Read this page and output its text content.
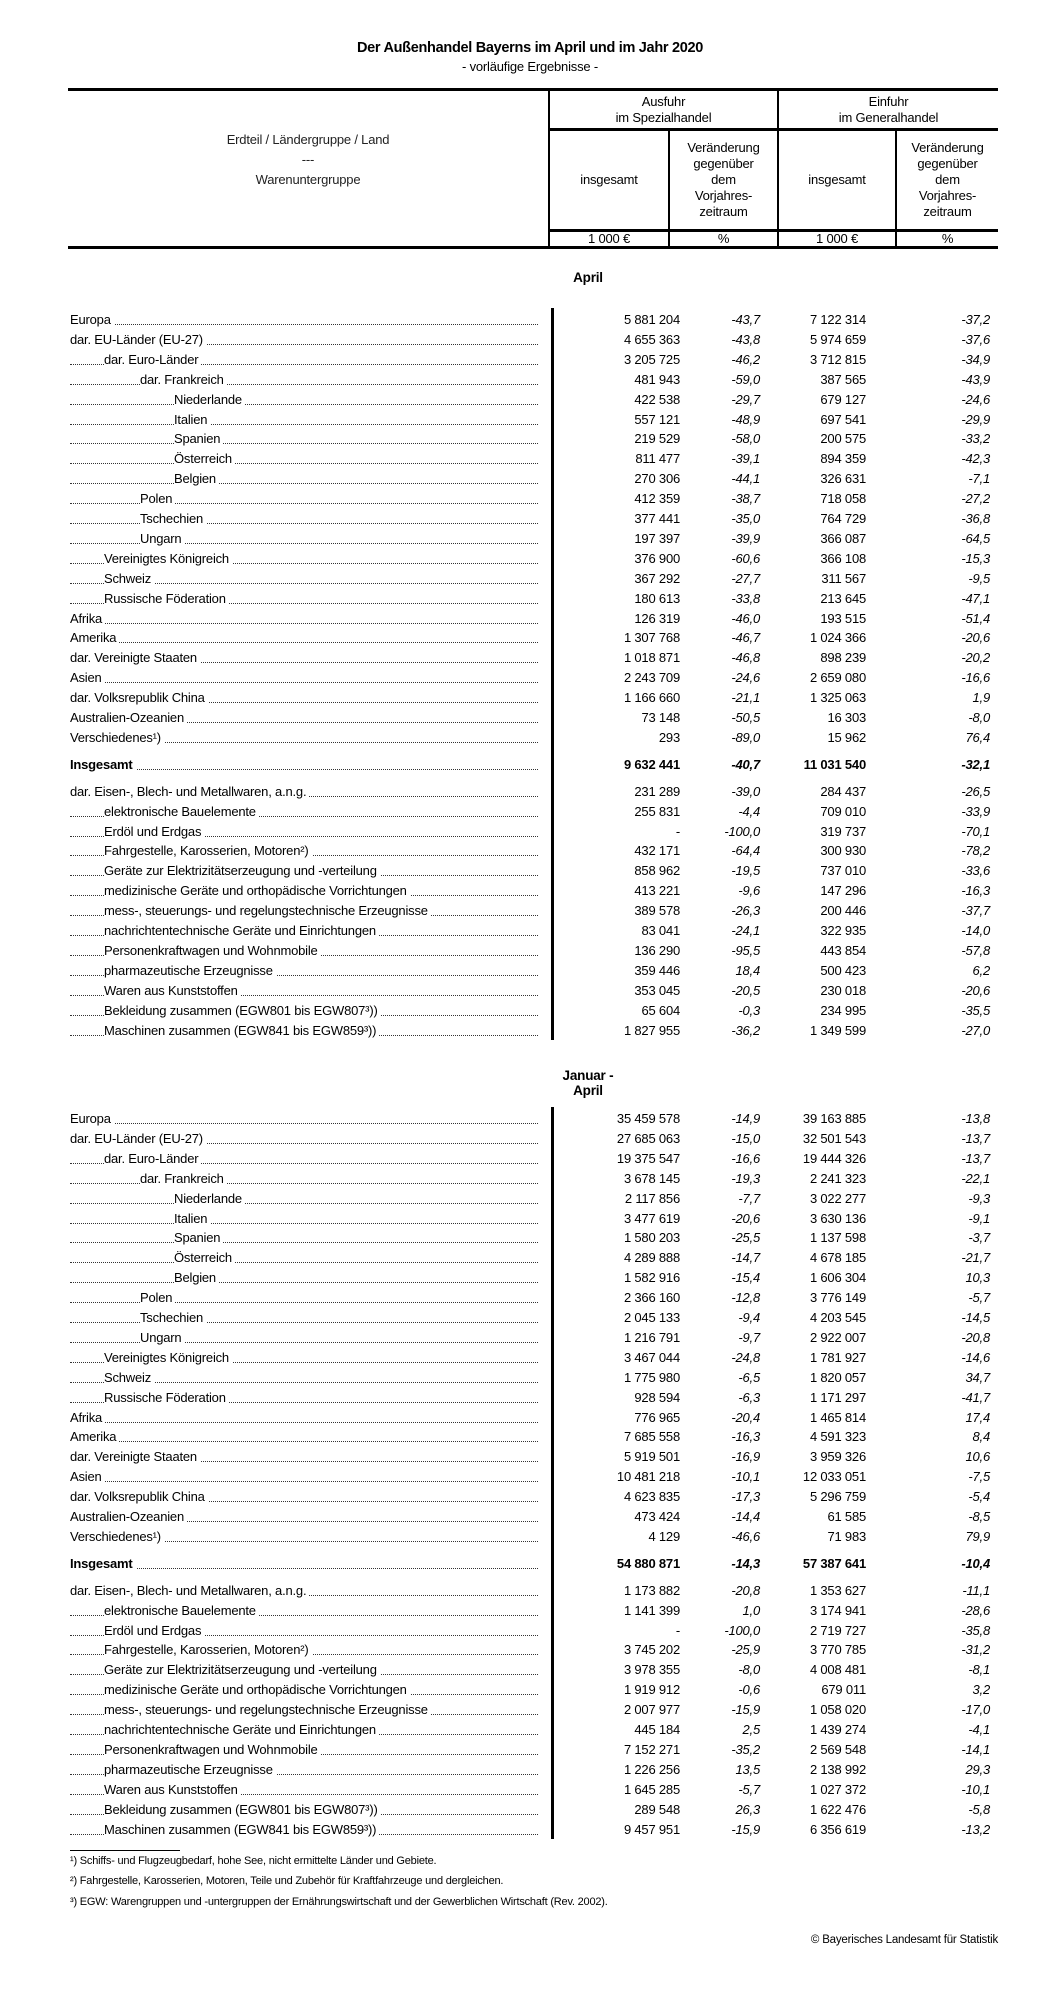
Der Außenhandel Bayerns im April und im Jahr 2020
- vorläufige Ergebnisse -
Erdteil / Ländergruppe / Land
---
Warenuntergruppe
Ausfuhr
im Spezialhandel
Einfuhr
im Generalhandel
insgesamt
Veränderung
gegenüber
dem
Vorjahres-
zeitraum
insgesamt
Veränderung
gegenüber
dem
Vorjahres-
zeitraum
1 000 €	%	1 000 €	%
April
Europa	5 881 204	-43,7	7 122 314	-37,2
dar. EU-Länder (EU-27)	4 655 363	-43,8	5 974 659	-37,6
dar. Euro-Länder	3 205 725	-46,2	3 712 815	-34,9
dar. Frankreich	481 943	-59,0	387 565	-43,9
Niederlande	422 538	-29,7	679 127	-24,6
Italien	557 121	-48,9	697 541	-29,9
Spanien	219 529	-58,0	200 575	-33,2
Österreich	811 477	-39,1	894 359	-42,3
Belgien	270 306	-44,1	326 631	-7,1
Polen	412 359	-38,7	718 058	-27,2
Tschechien	377 441	-35,0	764 729	-36,8
Ungarn	197 397	-39,9	366 087	-64,5
Vereinigtes Königreich	376 900	-60,6	366 108	-15,3
Schweiz	367 292	-27,7	311 567	-9,5
Russische Föderation	180 613	-33,8	213 645	-47,1
Afrika	126 319	-46,0	193 515	-51,4
Amerika	1 307 768	-46,7	1 024 366	-20,6
dar. Vereinigte Staaten	1 018 871	-46,8	898 239	-20,2
Asien	2 243 709	-24,6	2 659 080	-16,6
dar. Volksrepublik China	1 166 660	-21,1	1 325 063	1,9
Australien-Ozeanien	73 148	-50,5	16 303	-8,0
Verschiedenes¹)	293	-89,0	15 962	76,4
Insgesamt	9 632 441	-40,7	11 031 540	-32,1
dar. Eisen-, Blech- und Metallwaren, a.n.g.	231 289	-39,0	284 437	-26,5
elektronische Bauelemente	255 831	-4,4	709 010	-33,9
Erdöl und Erdgas	-	-100,0	319 737	-70,1
Fahrgestelle, Karosserien, Motoren²)	432 171	-64,4	300 930	-78,2
Geräte zur Elektrizitätserzeugung und -verteilung	858 962	-19,5	737 010	-33,6
medizinische Geräte und orthopädische Vorrichtungen	413 221	-9,6	147 296	-16,3
mess-, steuerungs- und regelungstechnische Erzeugnisse	389 578	-26,3	200 446	-37,7
nachrichtentechnische Geräte und Einrichtungen	83 041	-24,1	322 935	-14,0
Personenkraftwagen und Wohnmobile	136 290	-95,5	443 854	-57,8
pharmazeutische Erzeugnisse	359 446	18,4	500 423	6,2
Waren aus Kunststoffen	353 045	-20,5	230 018	-20,6
Bekleidung zusammen (EGW801 bis EGW807³))	65 604	-0,3	234 995	-35,5
Maschinen zusammen (EGW841 bis EGW859³))	1 827 955	-36,2	1 349 599	-27,0
Januar - April
Europa	35 459 578	-14,9	39 163 885	-13,8
dar. EU-Länder (EU-27)	27 685 063	-15,0	32 501 543	-13,7
dar. Euro-Länder	19 375 547	-16,6	19 444 326	-13,7
dar. Frankreich	3 678 145	-19,3	2 241 323	-22,1
Niederlande	2 117 856	-7,7	3 022 277	-9,3
Italien	3 477 619	-20,6	3 630 136	-9,1
Spanien	1 580 203	-25,5	1 137 598	-3,7
Österreich	4 289 888	-14,7	4 678 185	-21,7
Belgien	1 582 916	-15,4	1 606 304	10,3
Polen	2 366 160	-12,8	3 776 149	-5,7
Tschechien	2 045 133	-9,4	4 203 545	-14,5
Ungarn	1 216 791	-9,7	2 922 007	-20,8
Vereinigtes Königreich	3 467 044	-24,8	1 781 927	-14,6
Schweiz	1 775 980	-6,5	1 820 057	34,7
Russische Föderation	928 594	-6,3	1 171 297	-41,7
Afrika	776 965	-20,4	1 465 814	17,4
Amerika	7 685 558	-16,3	4 591 323	8,4
dar. Vereinigte Staaten	5 919 501	-16,9	3 959 326	10,6
Asien	10 481 218	-10,1	12 033 051	-7,5
dar. Volksrepublik China	4 623 835	-17,3	5 296 759	-5,4
Australien-Ozeanien	473 424	-14,4	61 585	-8,5
Verschiedenes¹)	4 129	-46,6	71 983	79,9
Insgesamt	54 880 871	-14,3	57 387 641	-10,4
dar. Eisen-, Blech- und Metallwaren, a.n.g.	1 173 882	-20,8	1 353 627	-11,1
elektronische Bauelemente	1 141 399	1,0	3 174 941	-28,6
Erdöl und Erdgas	-	-100,0	2 719 727	-35,8
Fahrgestelle, Karosserien, Motoren²)	3 745 202	-25,9	3 770 785	-31,2
Geräte zur Elektrizitätserzeugung und -verteilung	3 978 355	-8,0	4 008 481	-8,1
medizinische Geräte und orthopädische Vorrichtungen	1 919 912	-0,6	679 011	3,2
mess-, steuerungs- und regelungstechnische Erzeugnisse	2 007 977	-15,9	1 058 020	-17,0
nachrichtentechnische Geräte und Einrichtungen	445 184	2,5	1 439 274	-4,1
Personenkraftwagen und Wohnmobile	7 152 271	-35,2	2 569 548	-14,1
pharmazeutische Erzeugnisse	1 226 256	13,5	2 138 992	29,3
Waren aus Kunststoffen	1 645 285	-5,7	1 027 372	-10,1
Bekleidung zusammen (EGW801 bis EGW807³))	289 548	26,3	1 622 476	-5,8
Maschinen zusammen (EGW841 bis EGW859³))	9 457 951	-15,9	6 356 619	-13,2
¹) Schiffs- und Flugzeugbedarf, hohe See, nicht ermittelte Länder und Gebiete.
²) Fahrgestelle, Karosserien, Motoren, Teile und Zubehör für Kraftfahrzeuge und dergleichen.
³) EGW: Warengruppen und -untergruppen der Ernährungswirtschaft und der Gewerblichen Wirtschaft (Rev. 2002).
© Bayerisches Landesamt für Statistik
